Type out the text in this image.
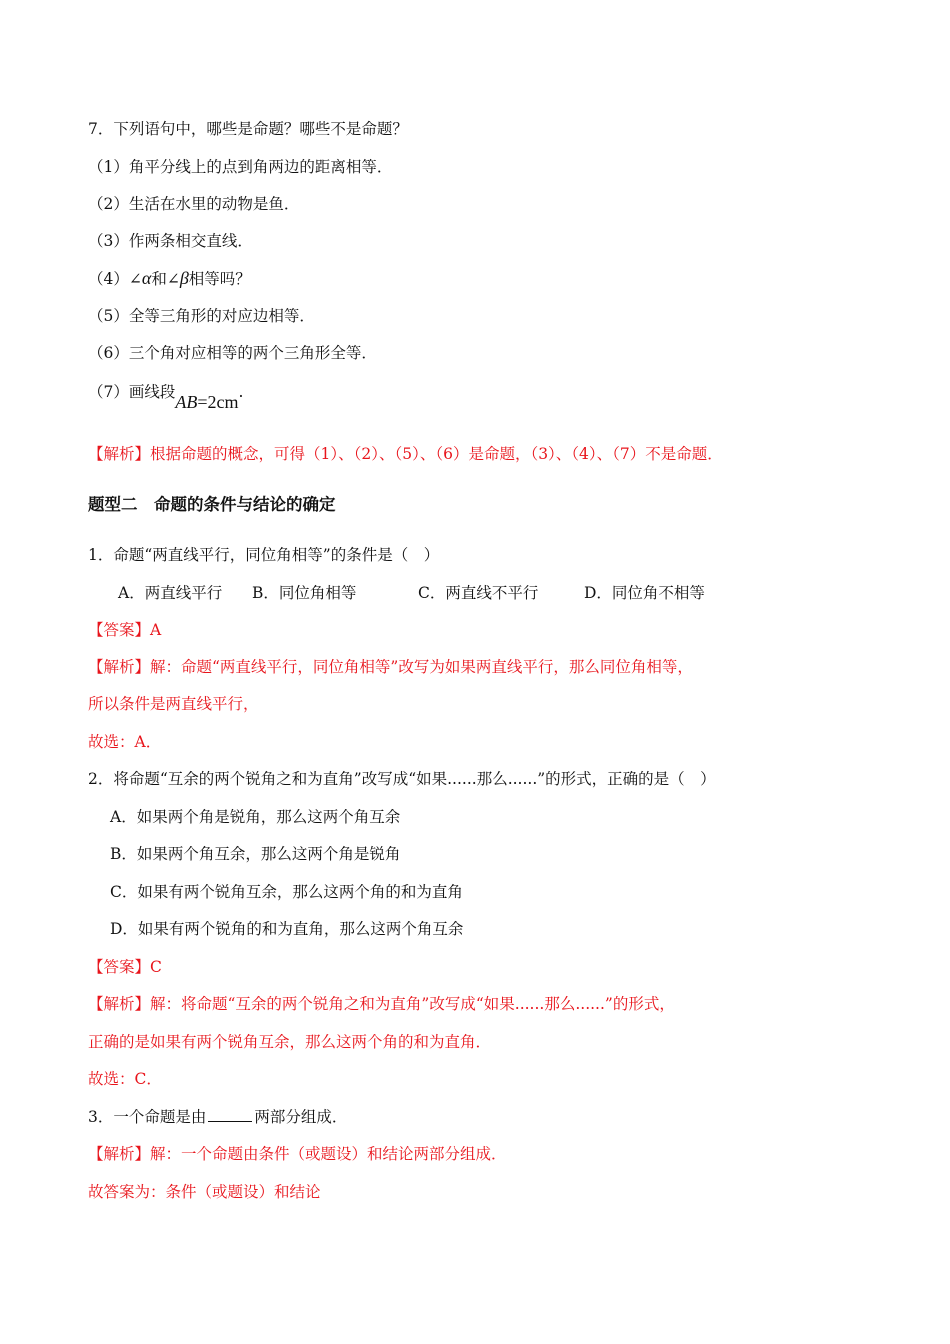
7．下列语句中，哪些是命题？哪些不是命题？
（1）角平分线上的点到角两边的距离相等．
（2）生活在水里的动物是鱼．
（3）作两条相交直线．
（4）∠α和∠β相等吗？
（5）全等三角形的对应边相等．
（6）三个角对应相等的两个三角形全等．
（7）画线段AB=2cm.
【解析】根据命题的概念，可得（1）、（2）、（5）、（6）是命题，（3）、（4）、（7）不是命题．
题型二　命题的条件与结论的确定
1．命题“两直线平行，同位角相等”的条件是（　）
A．两直线平行 B．同位角相等	C．两直线不平行	D．同位角不相等
【答案】A
【解析】解：命题“两直线平行，同位角相等”改写为如果两直线平行，那么同位角相等，
所以条件是两直线平行，
故选：A．
2．将命题“互余的两个锐角之和为直角”改写成“如果......那么......”的形式，正确的是（　）
A．如果两个角是锐角，那么这两个角互余
B．如果两个角互余，那么这两个角是锐角
C．如果有两个锐角互余，那么这两个角的和为直角
D．如果有两个锐角的和为直角，那么这两个角互余
【答案】C
【解析】解：将命题“互余的两个锐角之和为直角”改写成“如果......那么......”的形式，
正确的是如果有两个锐角互余，那么这两个角的和为直角．
故选：C．
3．一个命题是由	两部分组成．
【解析】解：一个命题由条件（或题设）和结论两部分组成．
故答案为：条件（或题设）和结论
